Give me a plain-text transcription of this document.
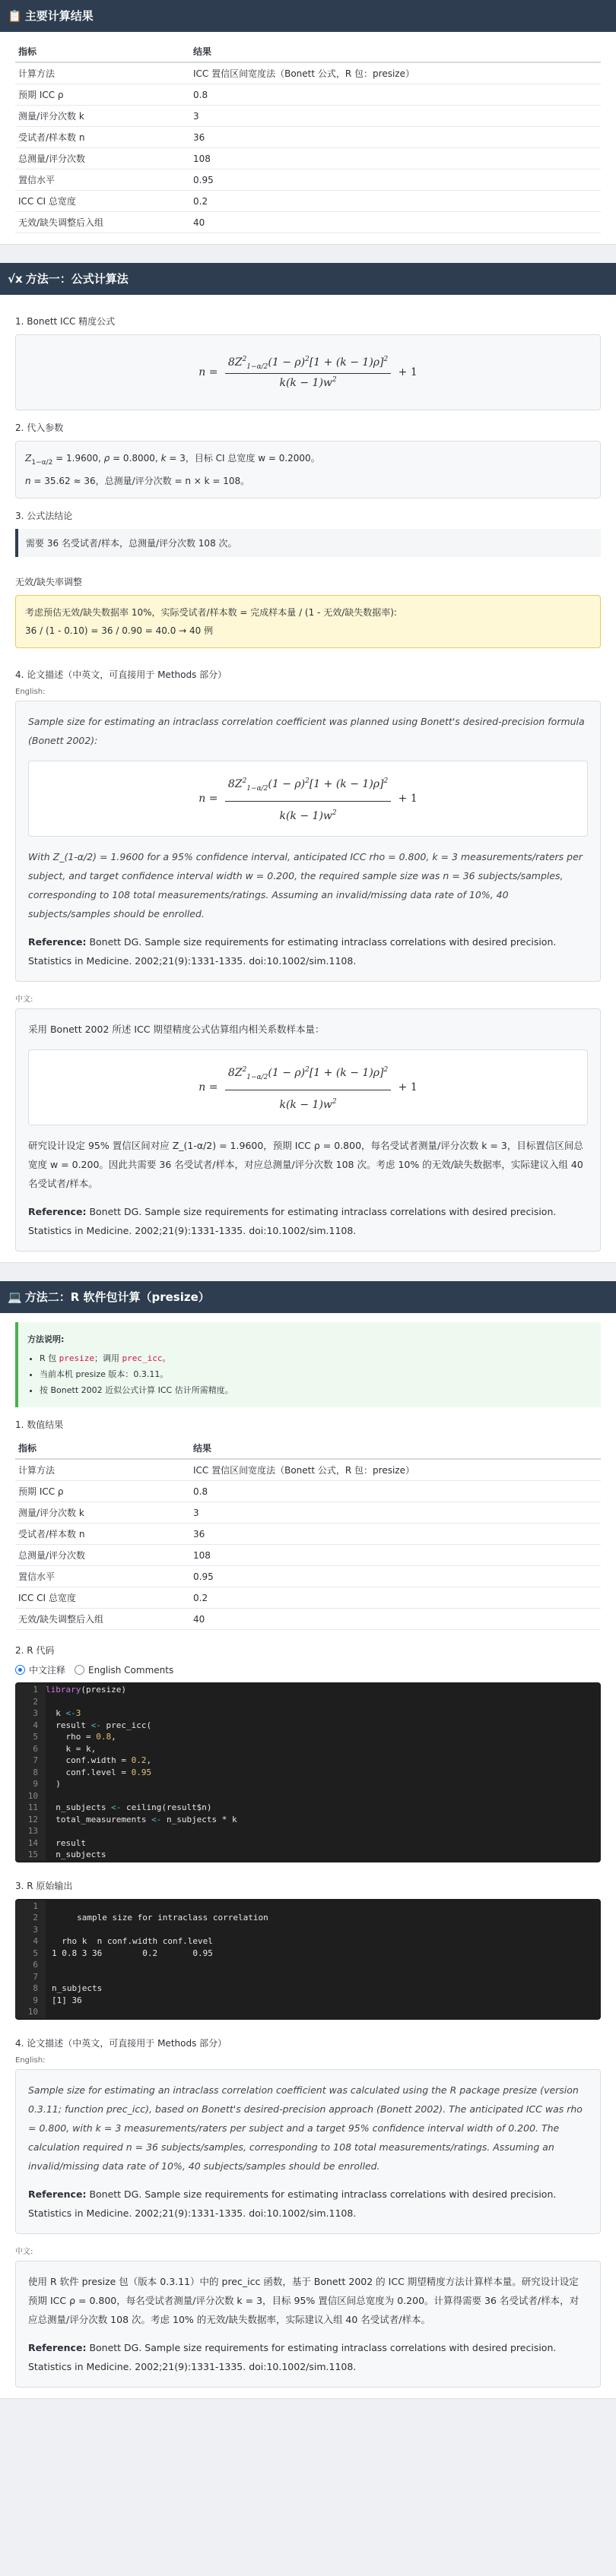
📋 主要计算结果
指标	结果
计算方法	ICC 置信区间宽度法（Bonett 公式，R 包：presize）
预期 ICC ρ	0.8
测量/评分次数 k	3
受试者/样本数 n	36
总测量/评分次数	108
置信水平	0.95
ICC CI 总宽度	0.2
无效/缺失调整后入组	40
√x 方法一：公式计算法
1. Bonett ICC 精度公式
$n = \frac{8Z^2_{1-\alpha/2}(1 - \rho)^2[1 + (k - 1)\rho]^2}{k(k - 1)w^2} + 1$
2. 代入参数
$Z_{1-\alpha/2} = 1.9600$, ρ = 0.8000, k = 3，目标 CI 总宽度 w = 0.2000。
n = 35.62 ≈ 36，总测量/评分次数 = n × k = 108。
3. 公式法结论
需要 36 名受试者/样本，总测量/评分次数 108 次。
无效/缺失率调整
考虑预估无效/缺失数据率 10%，实际受试者/样本数 = 完成样本量 / (1 - 无效/缺失数据率):
36 / (1 - 0.10) = 36 / 0.90 = 40.0 → 40 例
4. 论文描述（中英文，可直接用于 Methods 部分）
English:
Sample size for estimating an intraclass correlation coefficient was planned using Bonett's desired-precision formula (Bonett 2002):
$n = \frac{8Z^2_{1-\alpha/2}(1 - \rho)^2[1 + (k - 1)\rho]^2}{k(k - 1)w^2} + 1$
With Z_(1-α/2) = 1.9600 for a 95% confidence interval, anticipated ICC rho = 0.800, k = 3 measurements/raters per subject, and target confidence interval width w = 0.200, the required sample size was n = 36 subjects/samples, corresponding to 108 total measurements/ratings. Assuming an invalid/missing data rate of 10%, 40 subjects/samples should be enrolled.
Reference: Bonett DG. Sample size requirements for estimating intraclass correlations with desired precision. Statistics in Medicine. 2002;21(9):1331-1335. doi:10.1002/sim.1108.
中文:
采用 Bonett 2002 所述 ICC 期望精度公式估算组内相关系数样本量：
$n = \frac{8Z^2_{1-\alpha/2}(1 - \rho)^2[1 + (k - 1)\rho]^2}{k(k - 1)w^2} + 1$
研究设计设定 95% 置信区间对应 Z_(1-α/2) = 1.9600，预期 ICC ρ = 0.800，每名受试者测量/评分次数 k = 3，目标置信区间总宽度 w = 0.200。因此共需要 36 名受试者/样本，对应总测量/评分次数 108 次。考虑 10% 的无效/缺失数据率，实际建议入组 40 名受试者/样本。
Reference: Bonett DG. Sample size requirements for estimating intraclass correlations with desired precision. Statistics in Medicine. 2002;21(9):1331-1335. doi:10.1002/sim.1108.
💻 方法二：R 软件包计算（presize）
方法说明:
• R 包 presize；调用 prec_icc。
• 当前本机 presize 版本：0.3.11。
• 按 Bonett 2002 近似公式计算 ICC 估计所需精度。
1. 数值结果
指标	结果
计算方法	ICC 置信区间宽度法（Bonett 公式，R 包：presize）
预期 ICC ρ	0.8
测量/评分次数 k	3
受试者/样本数 n	36
总测量/评分次数	108
置信水平	0.95
ICC CI 总宽度	0.2
无效/缺失调整后入组	40
2. R 代码
中文注释	English Comments
1 library (presize)
2
3 k <- 3
4 result <- prec_icc(
5 rho = 0.8 ,
6 k = k,
7 conf.width = 0.2 ,
8 conf.level = 0.95
9 )
10
11 n_subjects <- ceiling(result$n)
12 total_measurements <- n_subjects * k
13
14 result
15 n_subjects
3. R 原始输出
1
2	sample size for intraclass correlation
3
4	rho k  n conf.width conf.level
5	1 0.8 3 36        0.2       0.95
6
7
8	n_subjects
9	[1] 36
10
4. 论文描述（中英文，可直接用于 Methods 部分）
English:
Sample size for estimating an intraclass correlation coefficient was calculated using the R package presize (version 0.3.11; function prec_icc), based on Bonett's desired-precision approach (Bonett 2002). The anticipated ICC was rho = 0.800, with k = 3 measurements/raters per subject and a target 95% confidence interval width of 0.200. The calculation required n = 36 subjects/samples, corresponding to 108 total measurements/ratings. Assuming an invalid/missing data rate of 10%, 40 subjects/samples should be enrolled.
Reference: Bonett DG. Sample size requirements for estimating intraclass correlations with desired precision. Statistics in Medicine. 2002;21(9):1331-1335. doi:10.1002/sim.1108.
中文:
使用 R 软件 presize 包（版本 0.3.11）中的 prec_icc 函数，基于 Bonett 2002 的 ICC 期望精度方法计算样本量。研究设计设定预期 ICC ρ = 0.800，每名受试者测量/评分次数 k = 3，目标 95% 置信区间总宽度为 0.200。计算得需要 36 名受试者/样本，对应总测量/评分次数 108 次。考虑 10% 的无效/缺失数据率，实际建议入组 40 名受试者/样本。
Reference: Bonett DG. Sample size requirements for estimating intraclass correlations with desired precision. Statistics in Medicine. 2002;21(9):1331-1335. doi:10.1002/sim.1108.
